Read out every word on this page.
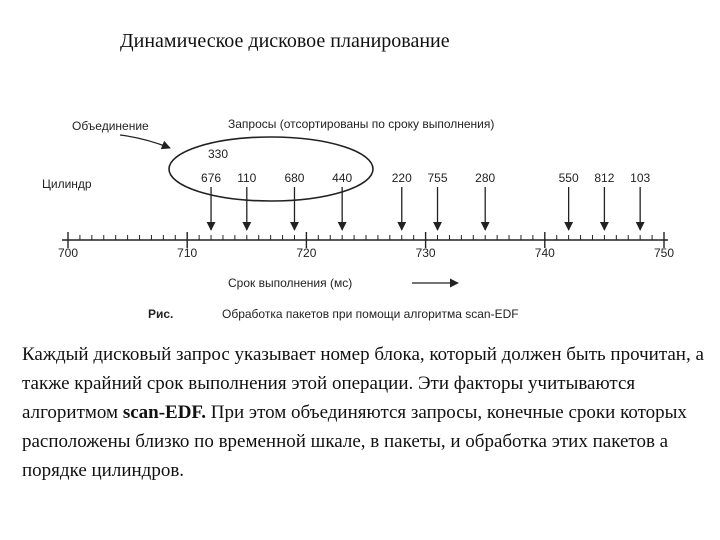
Динамическое дисковое планирование
Объединение	Запросы (отсортированы по сроку выполнения)
330
Цилиндр	676 110 680 440	220 755 280	550 812 103
700	710	720	730	740	750
Срок выполнения (мс)
Рис.	Обработка пакетов при помощи алгоритма scan-EDF
Каждый дисковый запрос указывает номер блока, который должен быть прочитан, а также крайний срок выполнения этой операции. Эти факторы учитываются алгоритмом scan-EDF. При этом объединяются запросы, конечные сроки которых расположены близко по временной шкале, в пакеты, и обработка этих пакетов а порядке цилиндров.
